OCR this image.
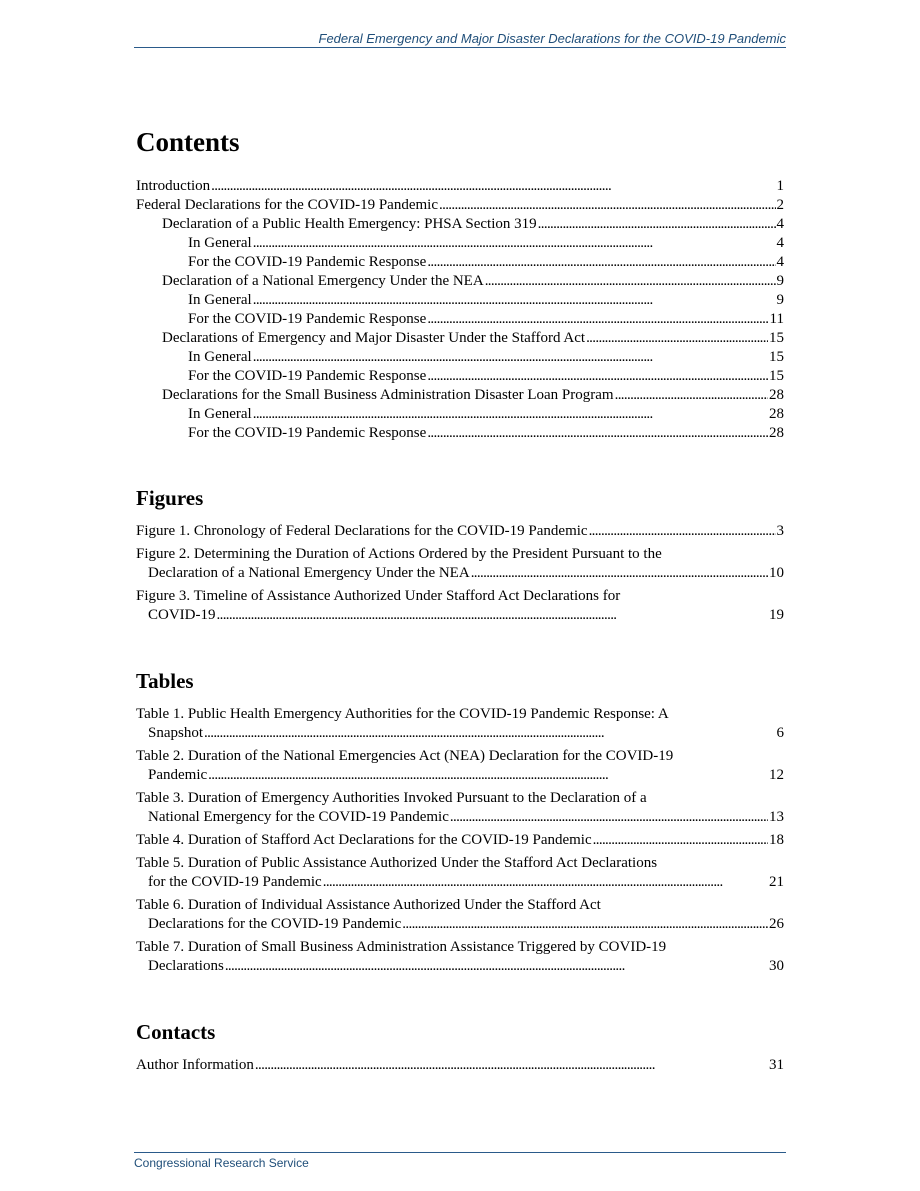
Federal Emergency and Major Disaster Declarations for the COVID-19 Pandemic
Contents
Introduction . . .	1
Federal Declarations for the COVID-19 Pandemic . . .	2
Declaration of a Public Health Emergency: PHSA Section 319 . . .	4
In General . . .	4
For the COVID-19 Pandemic Response . . .	4
Declaration of a National Emergency Under the NEA . . .	9
In General . . .	9
For the COVID-19 Pandemic Response . . .	11
Declarations of Emergency and Major Disaster Under the Stafford Act . . .	15
In General . . .	15
For the COVID-19 Pandemic Response . . .	15
Declarations for the Small Business Administration Disaster Loan Program . . .	28
In General . . .	28
For the COVID-19 Pandemic Response . . .	28
Figures
Figure 1. Chronology of Federal Declarations for the COVID-19 Pandemic . . .	3
Figure 2. Determining the Duration of Actions Ordered by the President Pursuant to the
Declaration of a National Emergency Under the NEA . . .	10
Figure 3. Timeline of Assistance Authorized Under Stafford Act Declarations for
COVID-19 . . .	19
Tables
Table 1. Public Health Emergency Authorities for the COVID-19 Pandemic Response: A
Snapshot . . .	6
Table 2. Duration of the National Emergencies Act (NEA) Declaration for the COVID-19
Pandemic . . .	12
Table 3. Duration of Emergency Authorities Invoked Pursuant to the Declaration of a
National Emergency for the COVID-19 Pandemic . . .	13
Table 4. Duration of Stafford Act Declarations for the COVID-19 Pandemic . . .	18
Table 5. Duration of Public Assistance Authorized Under the Stafford Act Declarations
for the COVID-19 Pandemic . . .	21
Table 6. Duration of Individual Assistance Authorized Under the Stafford Act
Declarations for the COVID-19 Pandemic . . .	26
Table 7. Duration of Small Business Administration Assistance Triggered by COVID-19
Declarations . . .	30
Contacts
Author Information . . .	31
Congressional Research Service
